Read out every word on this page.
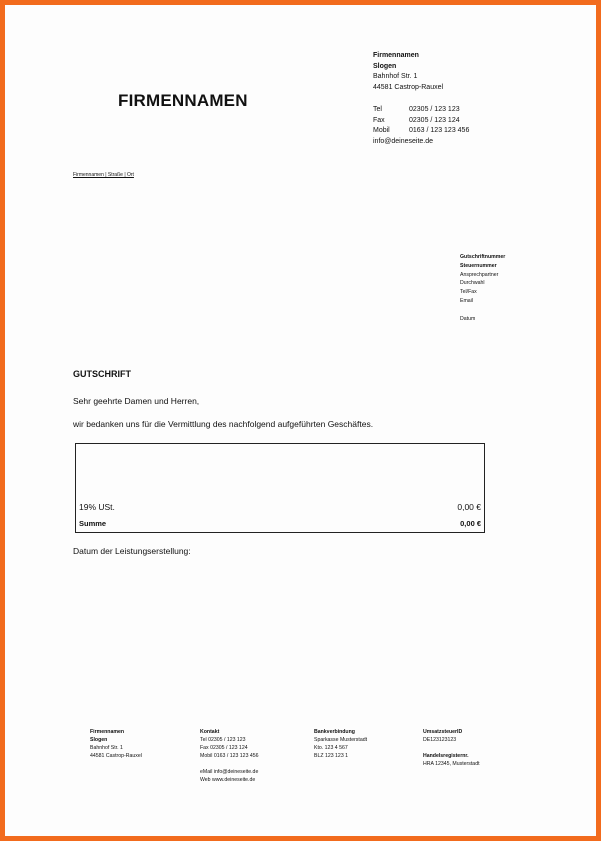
FIRMENNAMEN
Firmennamen
Slogen
Bahnhof Str. 1
44581 Castrop-Rauxel
Tel	02305 / 123 123
Fax	02305 / 123 124
Mobil	0163 / 123 123 456
info@deineseite.de
Firmennamen | Straße | Ort
Gutschriftnummer
Steuernummer
Ansprechpartner
Durchwahl
Tel/Fax
Email
Datum
GUTSCHRIFT
Sehr geehrte Damen und Herren,
wir bedanken uns für die Vermittlung des nachfolgend aufgeführten Geschäftes.
19% USt.	0,00 €
Summe	0,00 €
Datum der Leistungserstellung:
Firmennamen
Slogen
Bahnhof Str. 1
44581 Castrop-Rauxel
Kontakt
Tel 02305 / 123 123
Fax 02305 / 123 124
Mobil 0163 / 123 123 456
eMail info@deineseite.de
Web www.deineseite.de
Bankverbindung
Sparkasse Musterstadt
Kto. 123 4 567
BLZ 123 123 1
UmsatzsteuerID
DE123123123
Handelsregisternr.
HRA 12345, Musterstadt
